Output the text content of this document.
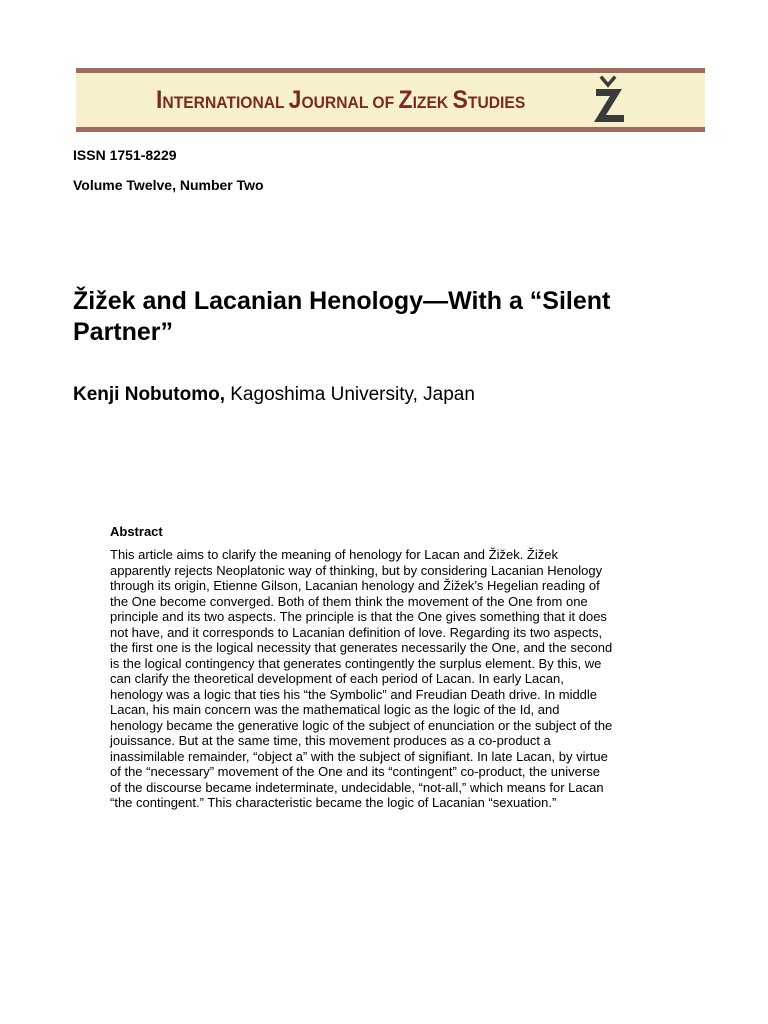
INTERNATIONAL JOURNAL OF ZIZEK STUDIES

ISSN 1751-8229

Volume Twelve, Number Two

Žižek and Lacanian Henology—With a “Silent Partner”

Kenji Nobutomo, Kagoshima University, Japan

Abstract

This article aims to clarify the meaning of henology for Lacan and Žižek. Žižek
apparently rejects Neoplatonic way of thinking, but by considering Lacanian Henology
through its origin, Etienne Gilson, Lacanian henology and Žižek’s Hegelian reading of
the One become converged. Both of them think the movement of the One from one
principle and its two aspects. The principle is that the One gives something that it does
not have, and it corresponds to Lacanian definition of love. Regarding its two aspects,
the first one is the logical necessity that generates necessarily the One, and the second
is the logical contingency that generates contingently the surplus element. By this, we
can clarify the theoretical development of each period of Lacan. In early Lacan,
henology was a logic that ties his “the Symbolic” and Freudian Death drive. In middle
Lacan, his main concern was the mathematical logic as the logic of the Id, and
henology became the generative logic of the subject of enunciation or the subject of the
jouissance. But at the same time, this movement produces as a co-product a
inassimilable remainder, “object a” with the subject of signifiant. In late Lacan, by virtue
of the “necessary” movement of the One and its “contingent” co-product, the universe
of the discourse became indeterminate, undecidable, “not-all,” which means for Lacan
“the contingent.” This characteristic became the logic of Lacanian “sexuation.”
